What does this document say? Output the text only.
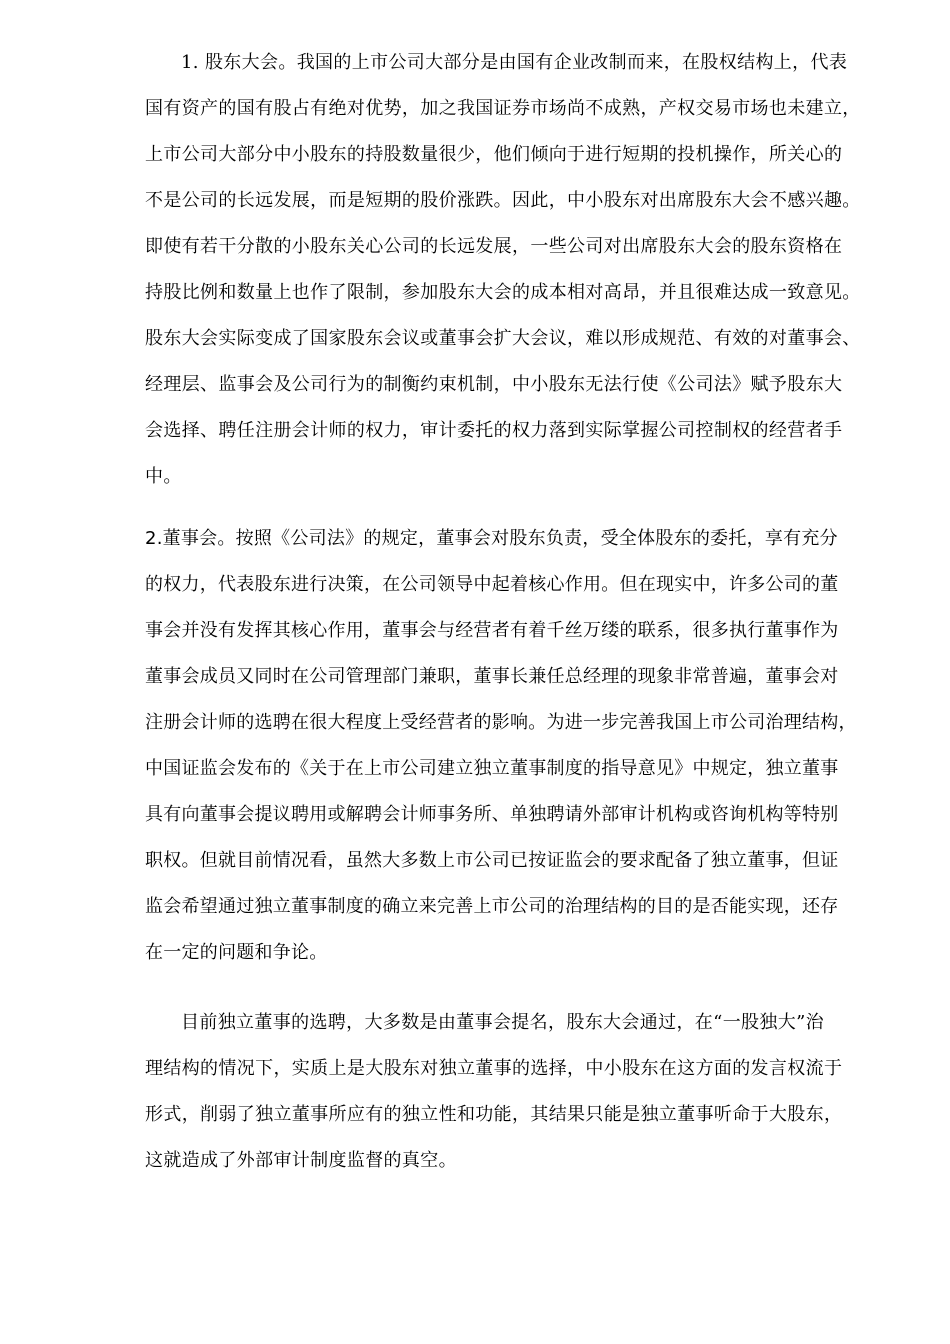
1. 股东大会。我国的上市公司大部分是由国有企业改制而来，在股权结构上，代表
国有资产的国有股占有绝对优势，加之我国证券市场尚不成熟，产权交易市场也未建立，
上市公司大部分中小股东的持股数量很少，他们倾向于进行短期的投机操作，所关心的
不是公司的长远发展，而是短期的股价涨跌。因此，中小股东对出席股东大会不感兴趣。
即使有若干分散的小股东关心公司的长远发展，一些公司对出席股东大会的股东资格在
持股比例和数量上也作了限制，参加股东大会的成本相对高昂，并且很难达成一致意见。
股东大会实际变成了国家股东会议或董事会扩大会议，难以形成规范、有效的对董事会、
经理层、监事会及公司行为的制衡约束机制，中小股东无法行使《公司法》赋予股东大
会选择、聘任注册会计师的权力，审计委托的权力落到实际掌握公司控制权的经营者手
中。
2.董事会。按照《公司法》的规定，董事会对股东负责，受全体股东的委托，享有充分
的权力，代表股东进行决策，在公司领导中起着核心作用。但在现实中，许多公司的董
事会并没有发挥其核心作用，董事会与经营者有着千丝万缕的联系，很多执行董事作为
董事会成员又同时在公司管理部门兼职，董事长兼任总经理的现象非常普遍，董事会对
注册会计师的选聘在很大程度上受经营者的影响。为进一步完善我国上市公司治理结构，
中国证监会发布的《关于在上市公司建立独立董事制度的指导意见》中规定，独立董事
具有向董事会提议聘用或解聘会计师事务所、单独聘请外部审计机构或咨询机构等特别
职权。但就目前情况看，虽然大多数上市公司已按证监会的要求配备了独立董事，但证
监会希望通过独立董事制度的确立来完善上市公司的治理结构的目的是否能实现，还存
在一定的问题和争论。
目前独立董事的选聘，大多数是由董事会提名，股东大会通过，在“一股独大”治
理结构的情况下，实质上是大股东对独立董事的选择，中小股东在这方面的发言权流于
形式，削弱了独立董事所应有的独立性和功能，其结果只能是独立董事听命于大股东，
这就造成了外部审计制度监督的真空。
